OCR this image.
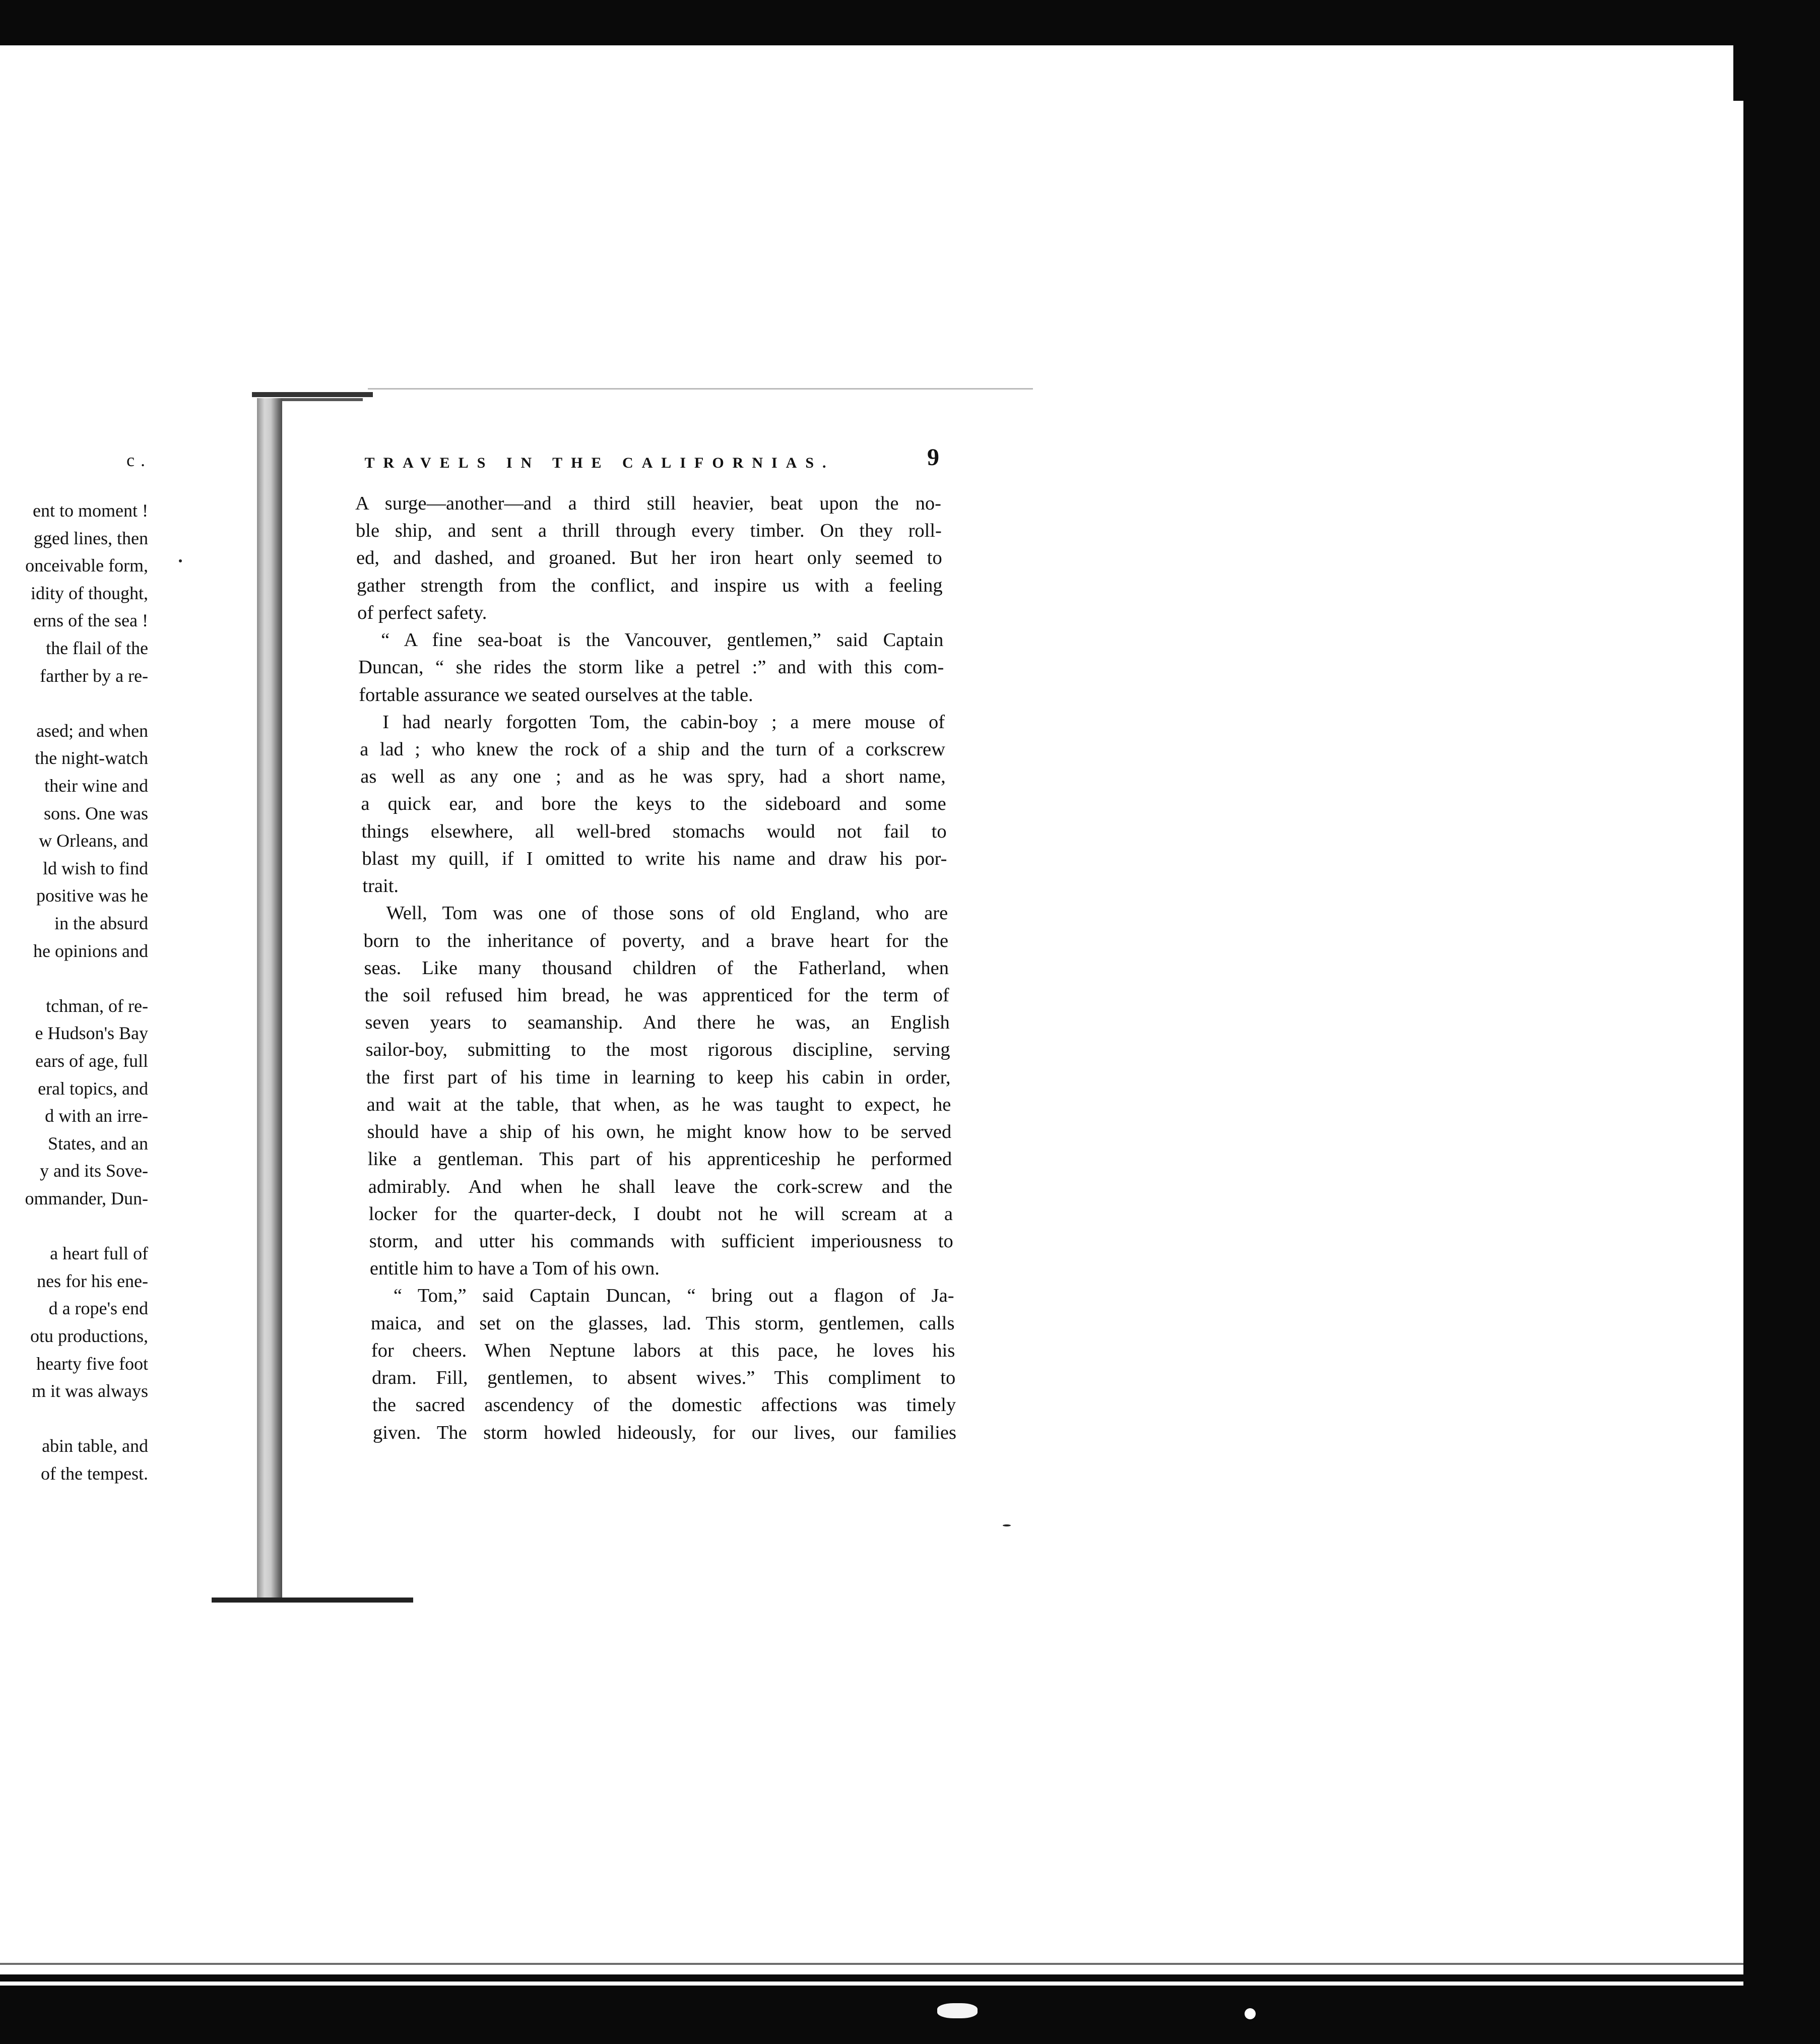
c.
ent to moment !
gged lines, then
onceivable form,
idity of thought,
erns of the sea !
the flail of the
farther by a re-
ased; and when
the night-watch
their wine and
sons. One was
w Orleans, and
ld wish to find
positive was he
in the absurd
he opinions and
tchman, of re-
e Hudson's Bay
ears of age, full
eral topics, and
d with an irre-
States, and an
y and its Sove-
ommander, Dun-
a heart full of
nes for his ene-
d a rope's end
otu productions,
hearty five foot
m it was always
abin table, and
of the tempest.
TRAVELS IN THE CALIFORNIAS.	9
A surge—another—and a third still heavier, beat upon the no-
ble ship, and sent a thrill through every timber. On they roll-
ed, and dashed, and groaned. But her iron heart only seemed to
gather strength from the conflict, and inspire us with a feeling
of perfect safety.
“ A fine sea-boat is the Vancouver, gentlemen,” said Captain
Duncan, “ she rides the storm like a petrel :” and with this com-
fortable assurance we seated ourselves at the table.
I had nearly forgotten Tom, the cabin-boy ; a mere mouse of
a lad ; who knew the rock of a ship and the turn of a corkscrew
as well as any one ; and as he was spry, had a short name,
a quick ear, and bore the keys to the sideboard and some
things elsewhere, all well-bred stomachs would not fail to
blast my quill, if I omitted to write his name and draw his por-
trait.
Well, Tom was one of those sons of old England, who are
born to the inheritance of poverty, and a brave heart for the
seas. Like many thousand children of the Fatherland, when
the soil refused him bread, he was apprenticed for the term of
seven years to seamanship. And there he was, an English
sailor-boy, submitting to the most rigorous discipline, serving
the first part of his time in learning to keep his cabin in order,
and wait at the table, that when, as he was taught to expect, he
should have a ship of his own, he might know how to be served
like a gentleman. This part of his apprenticeship he performed
admirably. And when he shall leave the cork-screw and the
locker for the quarter-deck, I doubt not he will scream at a
storm, and utter his commands with sufficient imperiousness to
entitle him to have a Tom of his own.
“ Tom,” said Captain Duncan, “ bring out a flagon of Ja-
maica, and set on the glasses, lad. This storm, gentlemen, calls
for cheers. When Neptune labors at this pace, he loves his
dram. Fill, gentlemen, to absent wives.” This compliment to
the sacred ascendency of the domestic affections was timely
given. The storm howled hideously, for our lives, our families
